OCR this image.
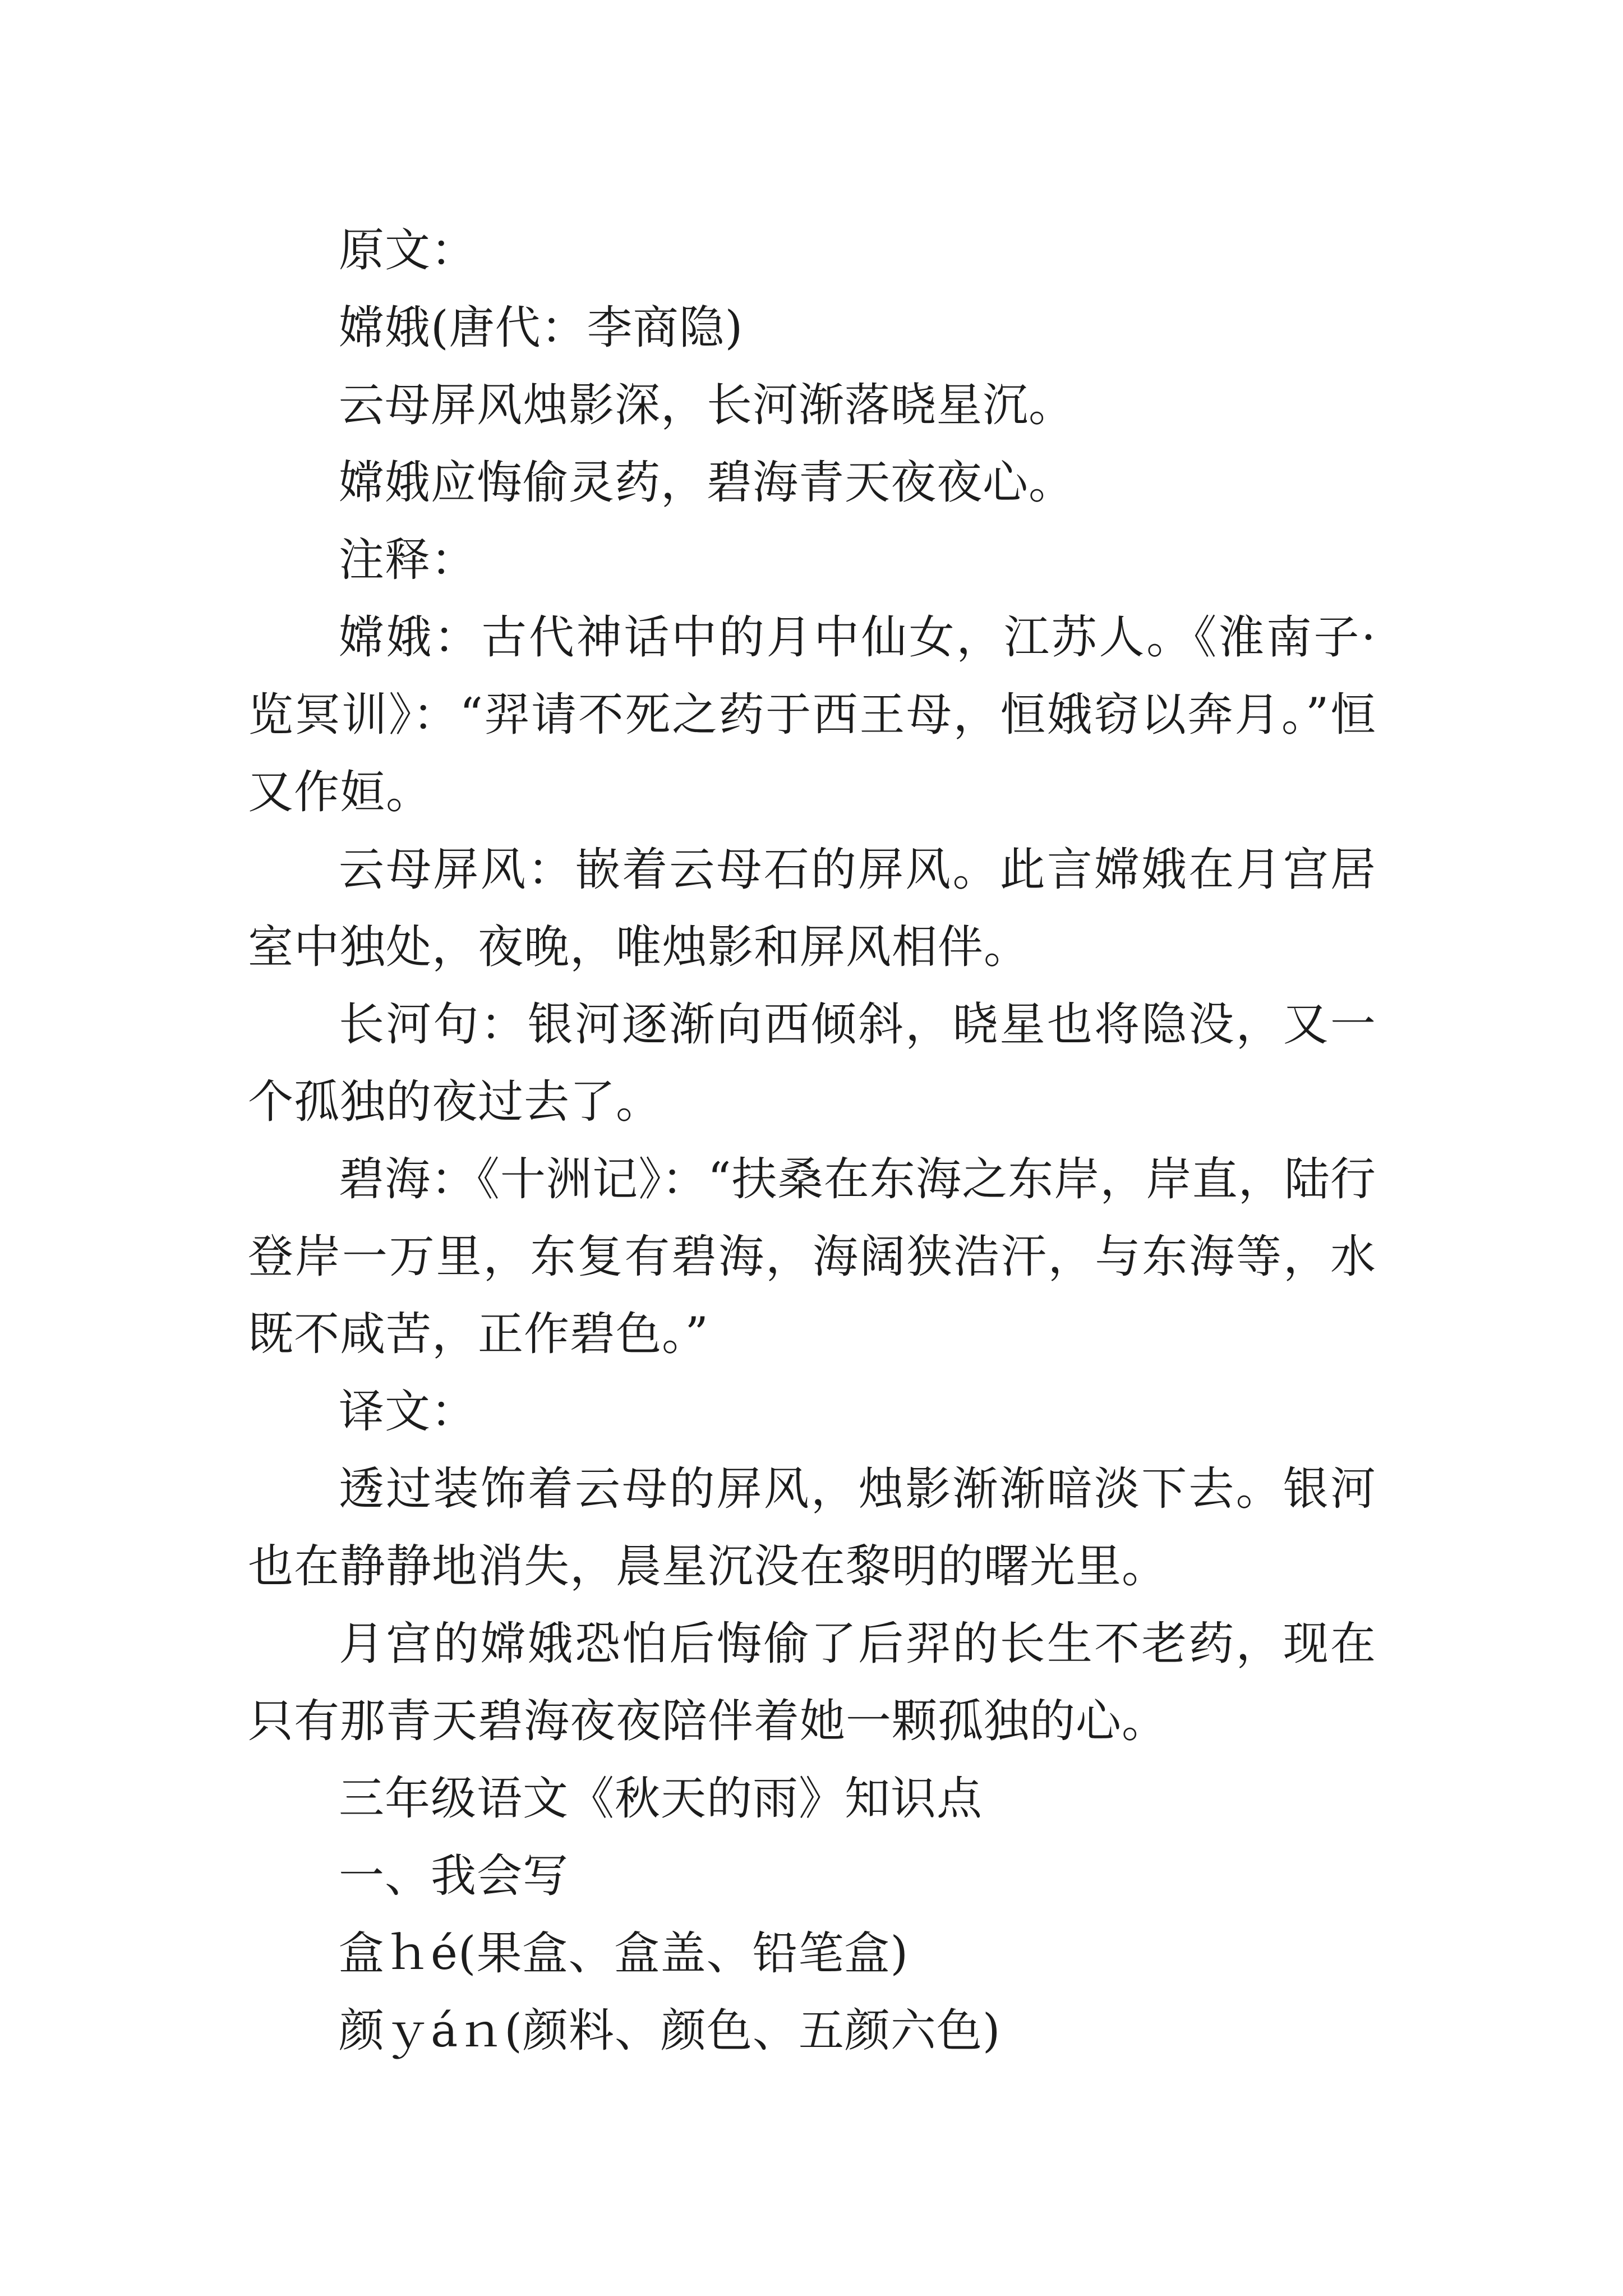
原文：

嫦娥(唐代：李商隐)

云母屏风烛影深，长河渐落晓星沉。

嫦娥应悔偷灵药，碧海青天夜夜心。

注释：

嫦娥：古代神话中的月中仙女，江苏人。《淮南子·览冥训》：“羿请不死之药于西王母，恒娥窃以奔月。”恒又作姮。

云母屏风：嵌着云母石的屏风。此言嫦娥在月宫居室中独处，夜晚，唯烛影和屏风相伴。

长河句：银河逐渐向西倾斜，晓星也将隐没，又一个孤独的夜过去了。

碧海：《十洲记》：“扶桑在东海之东岸，岸直，陆行登岸一万里，东复有碧海，海阔狭浩汗，与东海等，水既不咸苦，正作碧色。”

译文：

透过装饰着云母的屏风，烛影渐渐暗淡下去。银河也在静静地消失，晨星沉没在黎明的曙光里。

月宫的嫦娥恐怕后悔偷了后羿的长生不老药，现在只有那青天碧海夜夜陪伴着她一颗孤独的心。

三年级语文《秋天的雨》知识点

一、我会写

盒ｈé(果盒、盒盖、铅笔盒)

颜ｙáｎ(颜料、颜色、五颜六色)
